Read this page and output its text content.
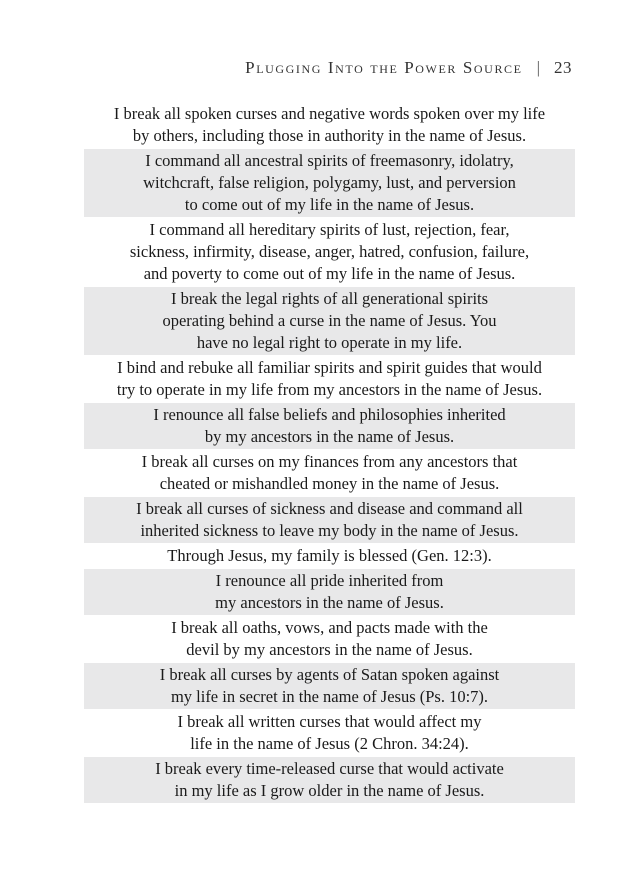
Plugging Into the Power Source | 23
I break all spoken curses and negative words spoken over my life
by others, including those in authority in the name of Jesus.
I command all ancestral spirits of freemasonry, idolatry,
witchcraft, false religion, polygamy, lust, and perversion
to come out of my life in the name of Jesus.
I command all hereditary spirits of lust, rejection, fear,
sickness, infirmity, disease, anger, hatred, confusion, failure,
and poverty to come out of my life in the name of Jesus.
I break the legal rights of all generational spirits
operating behind a curse in the name of Jesus. You
have no legal right to operate in my life.
I bind and rebuke all familiar spirits and spirit guides that would
try to operate in my life from my ancestors in the name of Jesus.
I renounce all false beliefs and philosophies inherited
by my ancestors in the name of Jesus.
I break all curses on my finances from any ancestors that
cheated or mishandled money in the name of Jesus.
I break all curses of sickness and disease and command all
inherited sickness to leave my body in the name of Jesus.
Through Jesus, my family is blessed (Gen. 12:3).
I renounce all pride inherited from
my ancestors in the name of Jesus.
I break all oaths, vows, and pacts made with the
devil by my ancestors in the name of Jesus.
I break all curses by agents of Satan spoken against
my life in secret in the name of Jesus (Ps. 10:7).
I break all written curses that would affect my
life in the name of Jesus (2 Chron. 34:24).
I break every time-released curse that would activate
in my life as I grow older in the name of Jesus.
